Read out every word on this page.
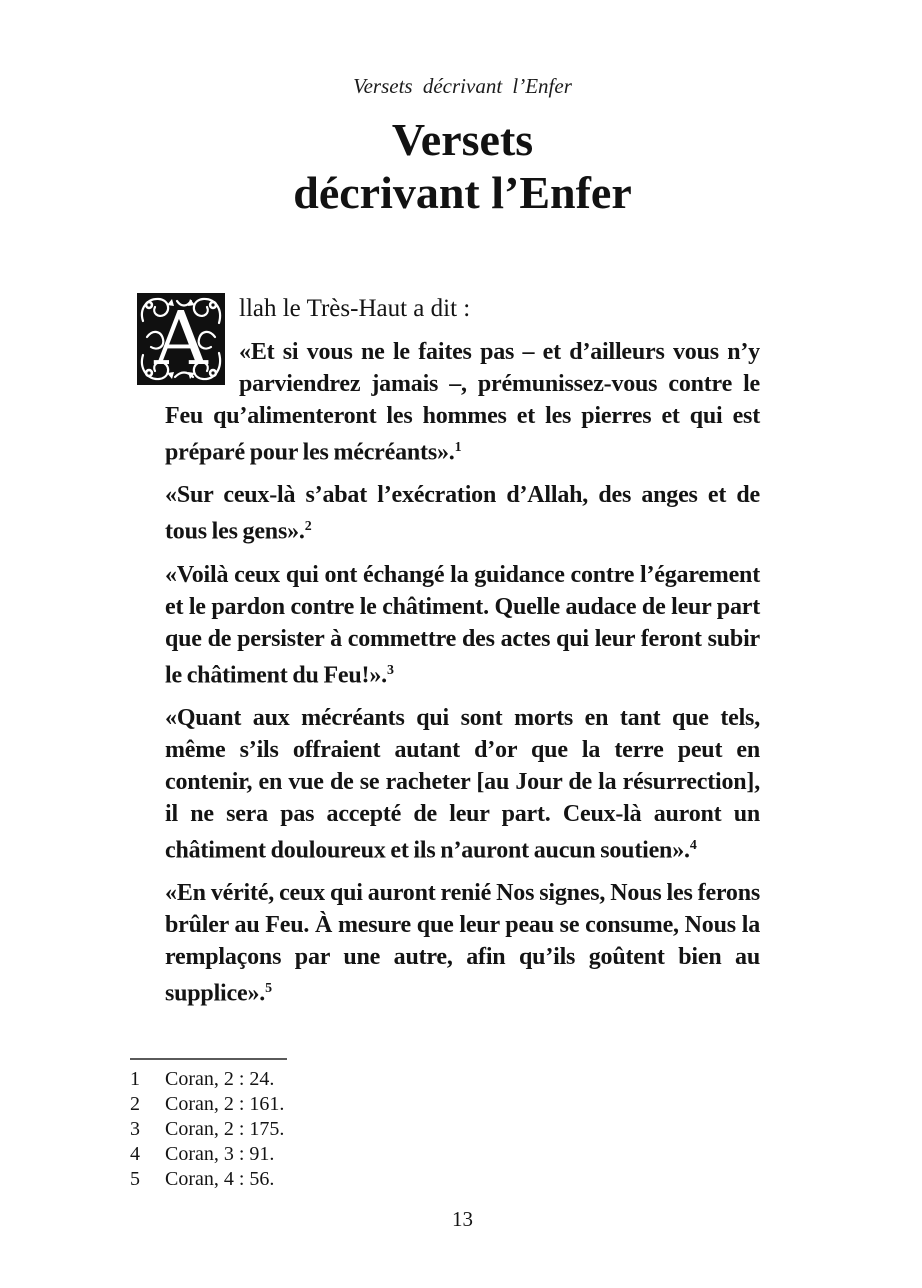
Versets décrivant l’Enfer
Versets
décrivant l’Enfer
A	llah le Très-Haut a dit :

«Et si vous ne le faites pas – et d’ailleurs vous n’y parviendrez jamais –, prémunissez-vous contre le Feu qu’alimenteront les hommes et les pierres et qui est préparé pour les mécréants».$^1$

«Sur ceux-là s’abat l’exécration d’Allah, des anges et de tous les gens».$^2$

«Voilà ceux qui ont échangé la guidance contre l’égarement et le pardon contre le châtiment. Quelle audace de leur part que de persister à commettre des actes qui leur feront subir le châtiment du Feu!».$^3$

«Quant aux mécréants qui sont morts en tant que tels, même s’ils offraient autant d’or que la terre peut en contenir, en vue de se racheter [au Jour de la résurrection], il ne sera pas accepté de leur part. Ceux-là auront un châtiment douloureux et ils n’auront aucun soutien».$^4$

«En vérité, ceux qui auront renié Nos signes, Nous les ferons brûler au Feu. À mesure que leur peau se consume, Nous la remplaçons par une autre, afin qu’ils goûtent bien au supplice».$^5$

1 Coran, 2 : 24.
2 Coran, 2 : 161.
3 Coran, 2 : 175.
4 Coran, 3 : 91.
5 Coran, 4 : 56.
13
